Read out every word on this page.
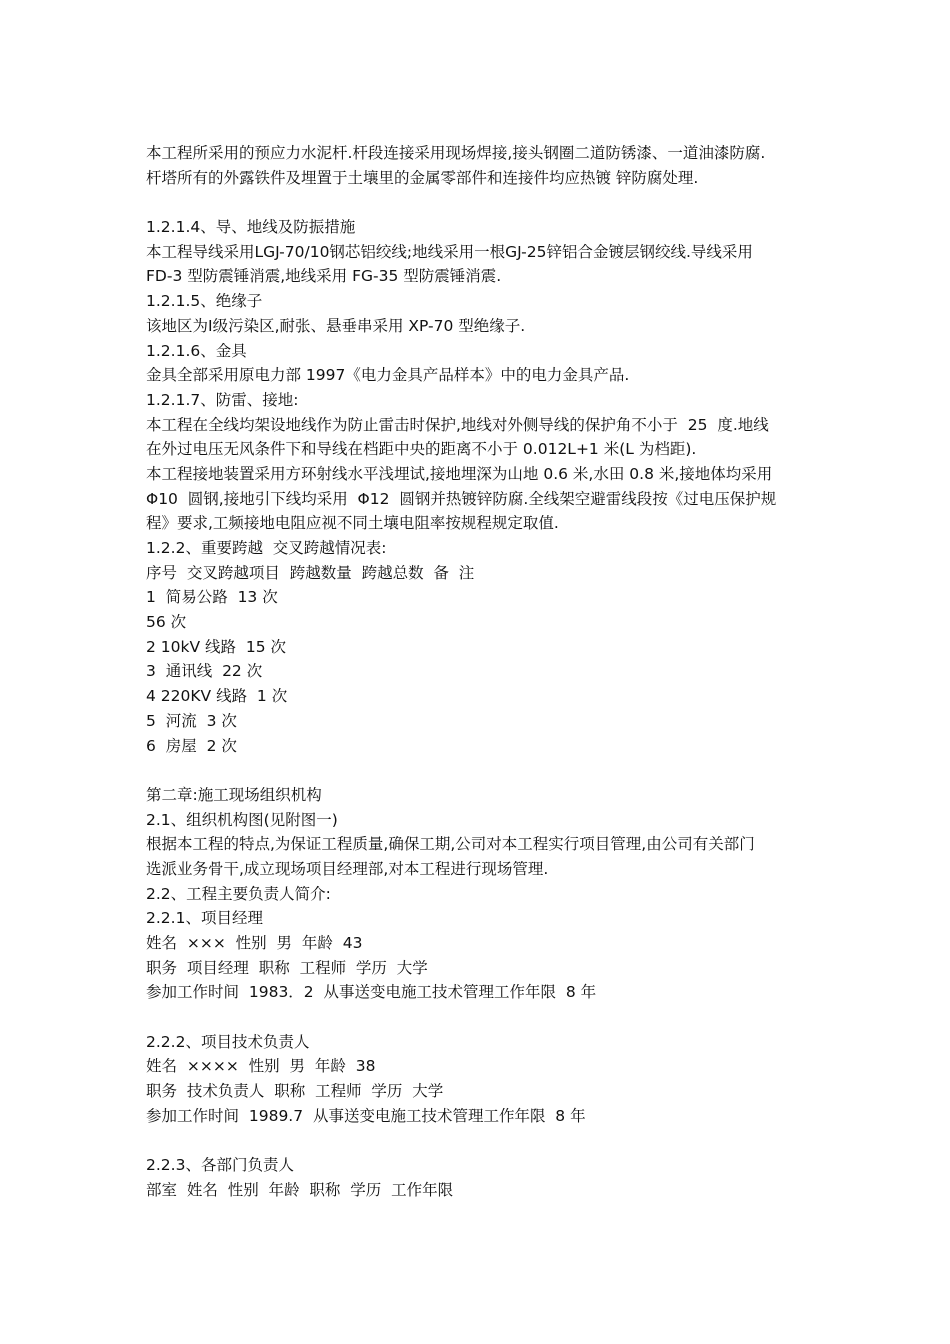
本工程所采用的预应力水泥杆.杆段连接采用现场焊接,接头钢圈二道防锈漆、一道油漆防腐.
杆塔所有的外露铁件及埋置于土壤里的金属零部件和连接件均应热镀 锌防腐处理.
1.2.1.4、导、地线及防振措施
本工程导线采用LGJ-70/10钢芯铝绞线;地线采用一根GJ-25锌铝合金镀层钢绞线.导线采用
FD-3 型防震锤消震,地线采用 FG-35 型防震锤消震.
1.2.1.5、绝缘子
该地区为Ⅰ级污染区,耐张、悬垂串采用 XP-70 型绝缘子.
1.2.1.6、金具
金具全部采用原电力部 1997《电力金具产品样本》中的电力金具产品.
1.2.1.7、防雷、接地:
本工程在全线均架设地线作为防止雷击时保护,地线对外侧导线的保护角不小于  25  度.地线
在外过电压无风条件下和导线在档距中央的距离不小于 0.012L+1 米(L 为档距).
本工程接地装置采用方环射线水平浅埋试,接地埋深为山地 0.6 米,水田 0.8 米,接地体均采用
Φ10  圆钢,接地引下线均采用  Φ12  圆钢并热镀锌防腐.全线架空避雷线段按《过电压保护规
程》要求,工频接地电阻应视不同土壤电阻率按规程规定取值.
1.2.2、重要跨越  交叉跨越情况表:
序号  交叉跨越项目  跨越数量  跨越总数  备  注
1  简易公路  13 次
56 次
2 10kV 线路  15 次
3  通讯线  22 次
4 220KV 线路  1 次
5  河流  3 次
6  房屋  2 次
第二章:施工现场组织机构
2.1、组织机构图(见附图一)
根据本工程的特点,为保证工程质量,确保工期,公司对本工程实行项目管理,由公司有关部门
选派业务骨干,成立现场项目经理部,对本工程进行现场管理.
2.2、工程主要负责人简介:
2.2.1、项目经理
姓名  ×××  性别  男  年龄  43
职务  项目经理  职称  工程师  学历  大学
参加工作时间  1983．2  从事送变电施工技术管理工作年限  8 年
2.2.2、项目技术负责人
姓名  ××××  性别  男  年龄  38
职务  技术负责人  职称  工程师  学历  大学
参加工作时间  1989.7  从事送变电施工技术管理工作年限  8 年
2.2.3、各部门负责人
部室  姓名  性别  年龄  职称  学历  工作年限
